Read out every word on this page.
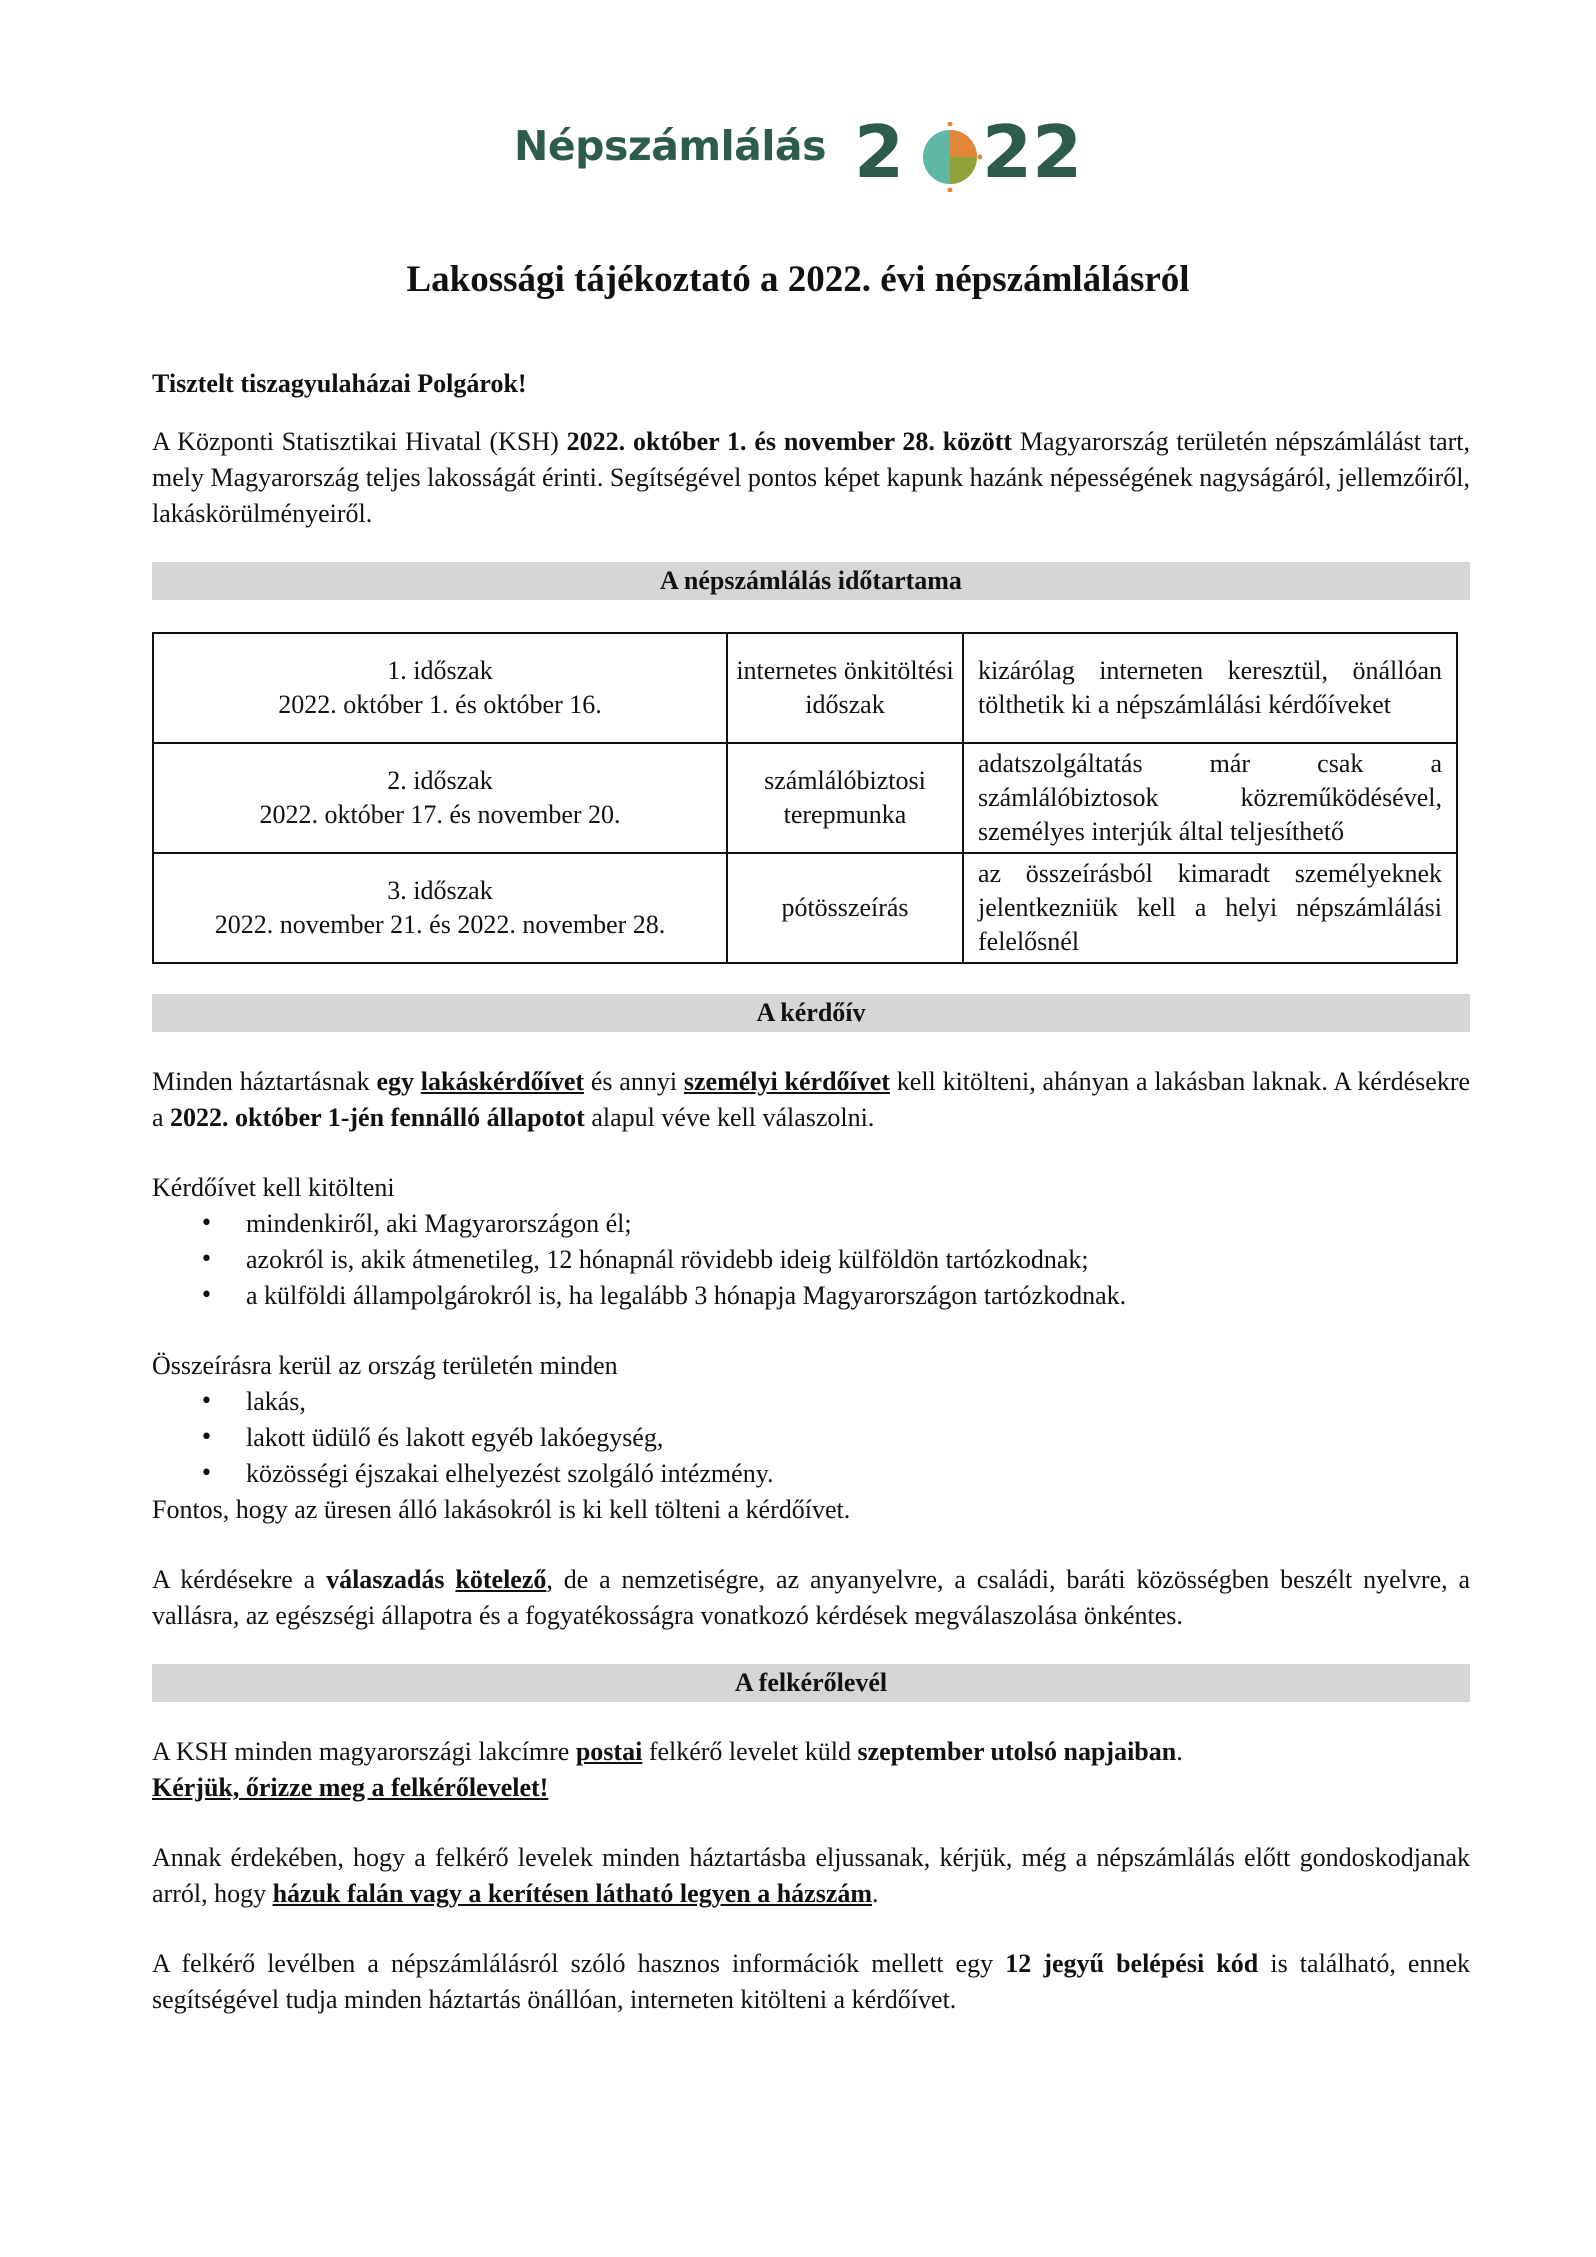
Népszámlálás 2 22
Lakossági tájékoztató a 2022. évi népszámlálásról

Tisztelt tiszagyulaházai Polgárok!

A Központi Statisztikai Hivatal (KSH) 2022. október 1. és november 28. között Magyarország területén népszámlálást tart, mely Magyarország teljes lakosságát érinti. Segítségével pontos képet kapunk hazánk népességének nagyságáról, jellemzőiről, lakáskörülményeiről.

A népszámlálás időtartama
1. időszak
2022. október 1. és október 16.	internetes önkitöltési időszak	kizárólag interneten keresztül, önállóan tölthetik ki a népszámlálási kérdőíveket

2. időszak
2022. október 17. és november 20.	számlálóbiztosi terepmunka	adatszolgáltatás már csak a számlálóbiztosok közreműködésével, személyes interjúk által teljesíthető

3. időszak
2022. november 21. és 2022. november 28.	pótösszeírás	az összeírásból kimaradt személyeknek jelentkezniük kell a helyi népszámlálási felelősnél
A kérdőív

Minden háztartásnak egy lakáskérdőívet és annyi személyi kérdőívet kell kitölteni, ahányan a lakásban laknak. A kérdésekre a 2022. október 1-jén fennálló állapotot alapul véve kell válaszolni.

Kérdőívet kell kitölteni

• mindenkiről, aki Magyarországon él;
• azokról is, akik átmenetileg, 12 hónapnál rövidebb ideig külföldön tartózkodnak;
• a külföldi állampolgárokról is, ha legalább 3 hónapja Magyarországon tartózkodnak.

Összeírásra kerül az ország területén minden

• lakás,
• lakott üdülő és lakott egyéb lakóegység,
• közösségi éjszakai elhelyezést szolgáló intézmény.

Fontos, hogy az üresen álló lakásokról is ki kell tölteni a kérdőívet.

A kérdésekre a válaszadás kötelező, de a nemzetiségre, az anyanyelvre, a családi, baráti közösségben beszélt nyelvre, a vallásra, az egészségi állapotra és a fogyatékosságra vonatkozó kérdések megválaszolása önkéntes.

A felkérőlevél

A KSH minden magyarországi lakcímre postai felkérő levelet küld szeptember utolsó napjaiban.
Kérjük, őrizze meg a felkérőlevelet!

Annak érdekében, hogy a felkérő levelek minden háztartásba eljussanak, kérjük, még a népszámlálás előtt gondoskodjanak arról, hogy házuk falán vagy a kerítésen látható legyen a házszám.

A felkérő levélben a népszámlálásról szóló hasznos információk mellett egy 12 jegyű belépési kód is található, ennek segítségével tudja minden háztartás önállóan, interneten kitölteni a kérdőívet.
